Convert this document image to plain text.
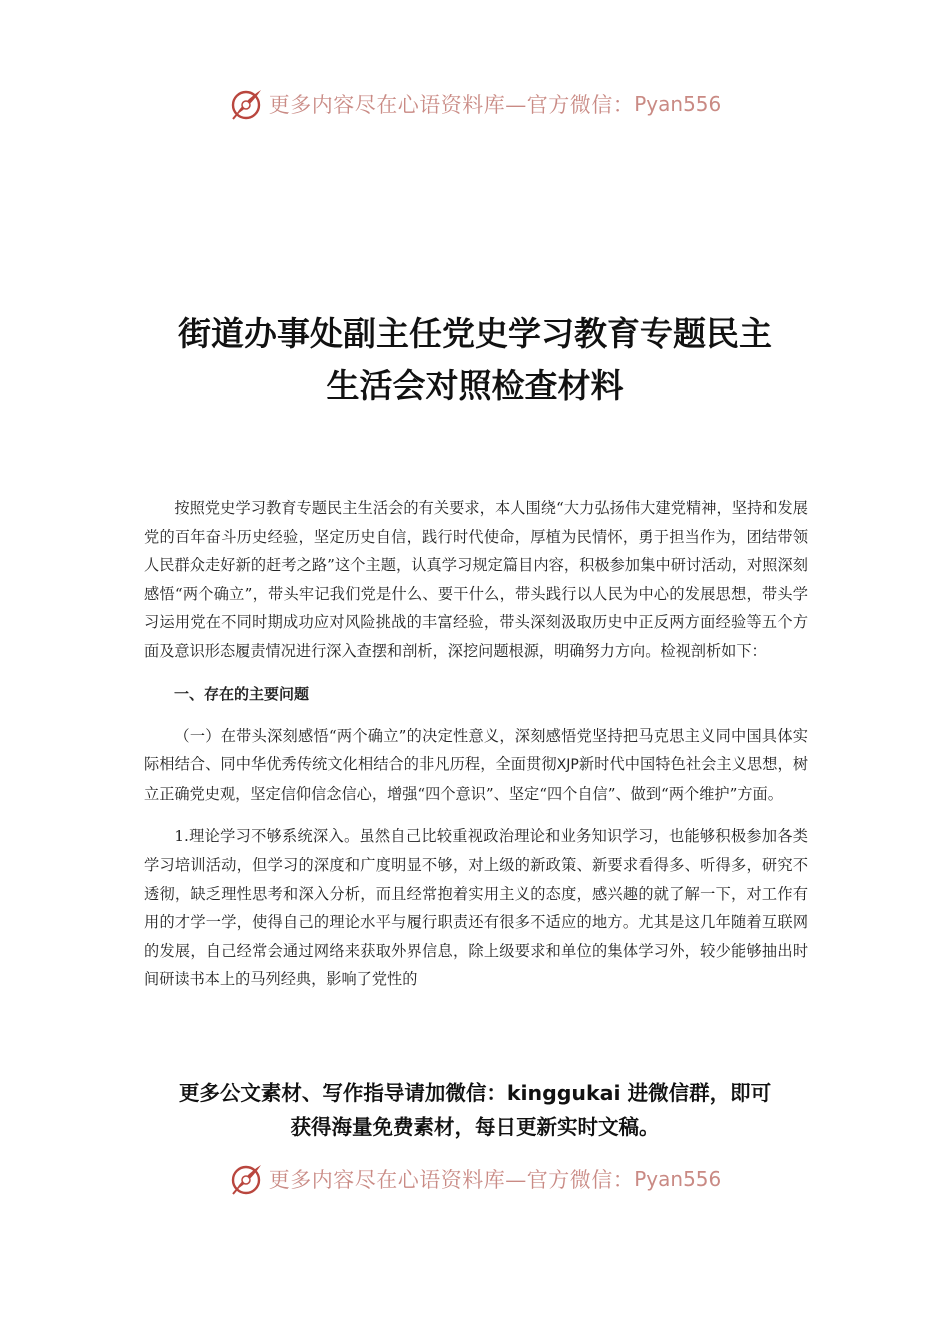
更多内容尽在心语资料库—官方微信： Pyan556
街道办事处副主任党史学习教育专题民主
生活会对照检查材料

按照党史学习教育专题民主生活会的有关要求，本人围绕“大力弘扬伟大建党精神，坚持和发展党的百年奋斗历史经验，坚定历史自信，践行时代使命，厚植为民情怀，勇于担当作为，团结带领人民群众走好新的赶考之路”这个主题，认真学习规定篇目内容，积极参加集中研讨活动，对照深刻感悟“两个确立”，带头牢记我们党是什么、要干什么，带头践行以人民为中心的发展思想，带头学习运用党在不同时期成功应对风险挑战的丰富经验，带头深刻汲取历史中正反两方面经验等五个方面及意识形态履责情况进行深入查摆和剖析，深挖问题根源，明确努力方向。检视剖析如下：

一、存在的主要问题

（一）在带头深刻感悟“两个确立”的决定性意义，深刻感悟党坚持把马克思主义同中国具体实际相结合、同中华优秀传统文化相结合的非凡历程，全面贯彻XJP新时代中国特色社会主义思想，树立正确党史观，坚定信仰信念信心，增强“四个意识”、坚定“四个自信”、做到“两个维护”方面。

1.理论学习不够系统深入。虽然自己比较重视政治理论和业务知识学习，也能够积极参加各类学习培训活动，但学习的深度和广度明显不够，对上级的新政策、新要求看得多、听得多，研究不透彻，缺乏理性思考和深入分析，而且经常抱着实用主义的态度，感兴趣的就了解一下，对工作有用的才学一学，使得自己的理论水平与履行职责还有很多不适应的地方。尤其是这几年随着互联网的发展，自己经常会通过网络来获取外界信息，除上级要求和单位的集体学习外，较少能够抽出时间研读书本上的马列经典，影响了党性的

更多公文素材、写作指导请加微信：kinggukai 进微信群，即可
获得海量免费素材，每日更新实时文稿。
更多内容尽在心语资料库—官方微信： Pyan556
